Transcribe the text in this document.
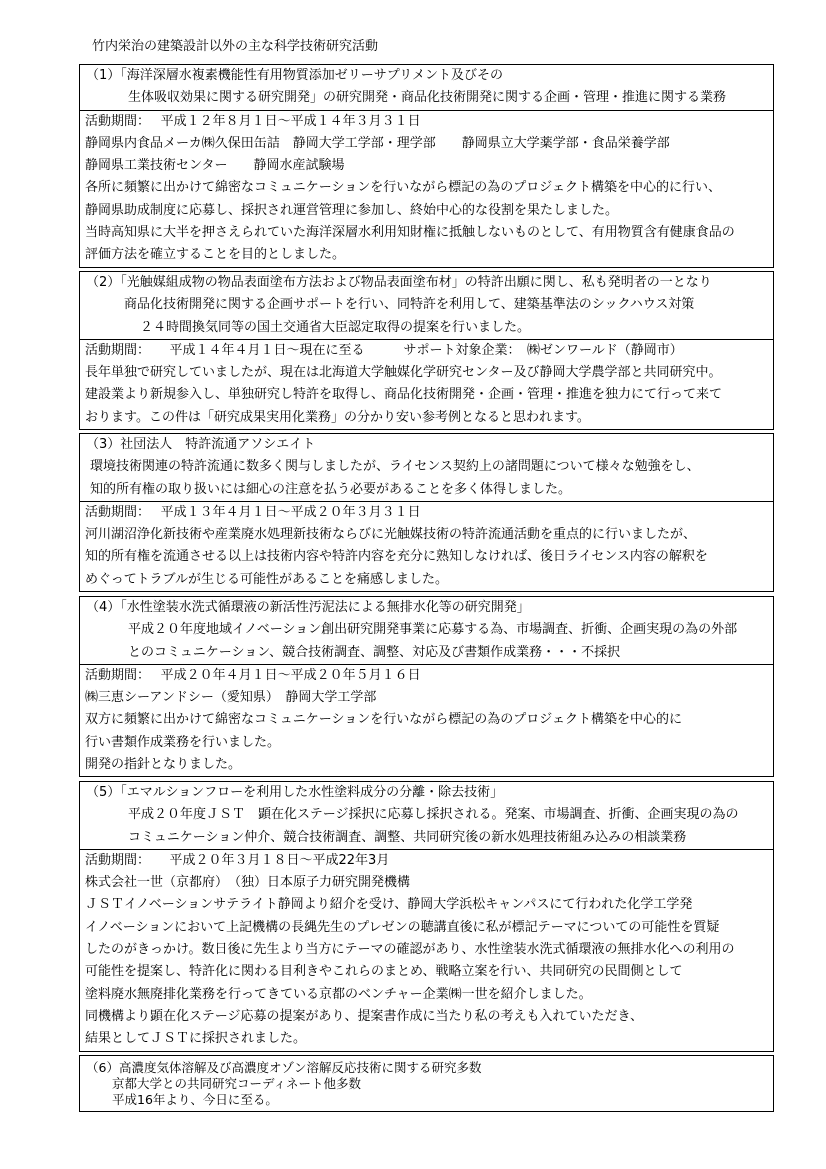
竹内栄治の建築設計以外の主な科学技術研究活動
（1）「海洋深層水複素機能性有用物質添加ゼリーサプリメント及びその
生体吸収効果に関する研究開発」の研究開発・商品化技術開発に関する企画・管理・推進に関する業務
活動期間：　 平成１２年８月１日～平成１４年３月３１日
静岡県内食品メーカ㈱久保田缶詰　静岡大学工学部・理学部　　静岡県立大学薬学部・食品栄養学部
静岡県工業技術センター　　静岡水産試験場
各所に頻繁に出かけて綿密なコミュニケーションを行いながら標記の為のプロジェクト構築を中心的に行い、
静岡県助成制度に応募し、採択され運営管理に参加し、終始中心的な役割を果たしました。
当時高知県に大半を押さえられていた海洋深層水利用知財権に抵触しないものとして、有用物質含有健康食品の
評価方法を確立することを目的としました。
（2）「光触媒組成物の物品表面塗布方法および物品表面塗布材」の特許出願に関し、私も発明者の一となり
商品化技術開発に関する企画サポートを行い、同特許を利用して、建築基準法のシックハウス対策
２４時間換気同等の国土交通省大臣認定取得の提案を行いました。
活動期間：　　平成１４年４月１日～現在に至る　　　サポート対象企業：　㈱ゼンワールド（静岡市）
長年単独で研究していましたが、現在は北海道大学触媒化学研究センター及び静岡大学農学部と共同研究中。
建設業より新規参入し、単独研究し特許を取得し、商品化技術開発・企画・管理・推進を独力にて行って来て
おります。この件は「研究成果実用化業務」の分かり安い参考例となると思われます。
（3）社団法人　特許流通アソシエイト
環境技術関連の特許流通に数多く関与しましたが、ライセンス契約上の諸問題について様々な勉強をし、
知的所有権の取り扱いには細心の注意を払う必要があることを多く体得しました。
活動期間：　 平成１３年４月１日～平成２０年３月３１日
河川湖沼浄化新技術や産業廃水処理新技術ならびに光触媒技術の特許流通活動を重点的に行いましたが、
知的所有権を流通させる以上は技術内容や特許内容を充分に熟知しなければ、後日ライセンス内容の解釈を
めぐってトラブルが生じる可能性があることを痛感しました。
（4）「水性塗装水洗式循環液の新活性汚泥法による無排水化等の研究開発」
平成２０年度地域イノベーション創出研究開発事業に応募する為、市場調査、折衝、企画実現の為の外部
とのコミュニケーション、競合技術調査、調整、対応及び書類作成業務・・・不採択
活動期間：　 平成２０年４月１日～平成２０年５月１６日
㈱三恵シーアンドシー（愛知県）　静岡大学工学部
双方に頻繁に出かけて綿密なコミュニケーションを行いながら標記の為のプロジェクト構築を中心的に
行い書類作成業務を行いました。
開発の指針となりました。
（5）「エマルションフローを利用した水性塗料成分の分離・除去技術」
平成２０年度ＪＳＴ　顕在化ステージ採択に応募し採択される。発案、市場調査、折衝、企画実現の為の
コミュニケーション仲介、競合技術調査、調整、共同研究後の新水処理技術組み込みの相談業務
活動期間：　　平成２０年３月１８日～平成22年3月
株式会社一世（京都府）　（独）日本原子力研究開発機構
ＪＳＴイノベーションサテライト静岡より紹介を受け、静岡大学浜松キャンパスにて行われた化学工学発
イノベーションにおいて上記機構の長縄先生のプレゼンの聴講直後に私が標記テーマについての可能性を質疑
したのがきっかけ。数日後に先生より当方にテーマの確認があり、水性塗装水洗式循環液の無排水化への利用の
可能性を提案し、特許化に関わる目利きやこれらのまとめ、戦略立案を行い、共同研究の民間側として
塗料廃水無廃排化業務を行ってきている京都のベンチャー企業㈱一世を紹介しました。
同機構より顕在化ステージ応募の提案があり、提案書作成に当たり私の考えも入れていただき、
結果としてＪＳＴに採択されました。
（6）高濃度気体溶解及び高濃度オゾン溶解反応技術に関する研究多数
京都大学との共同研究コーディネート他多数
平成16年より、今日に至る。
